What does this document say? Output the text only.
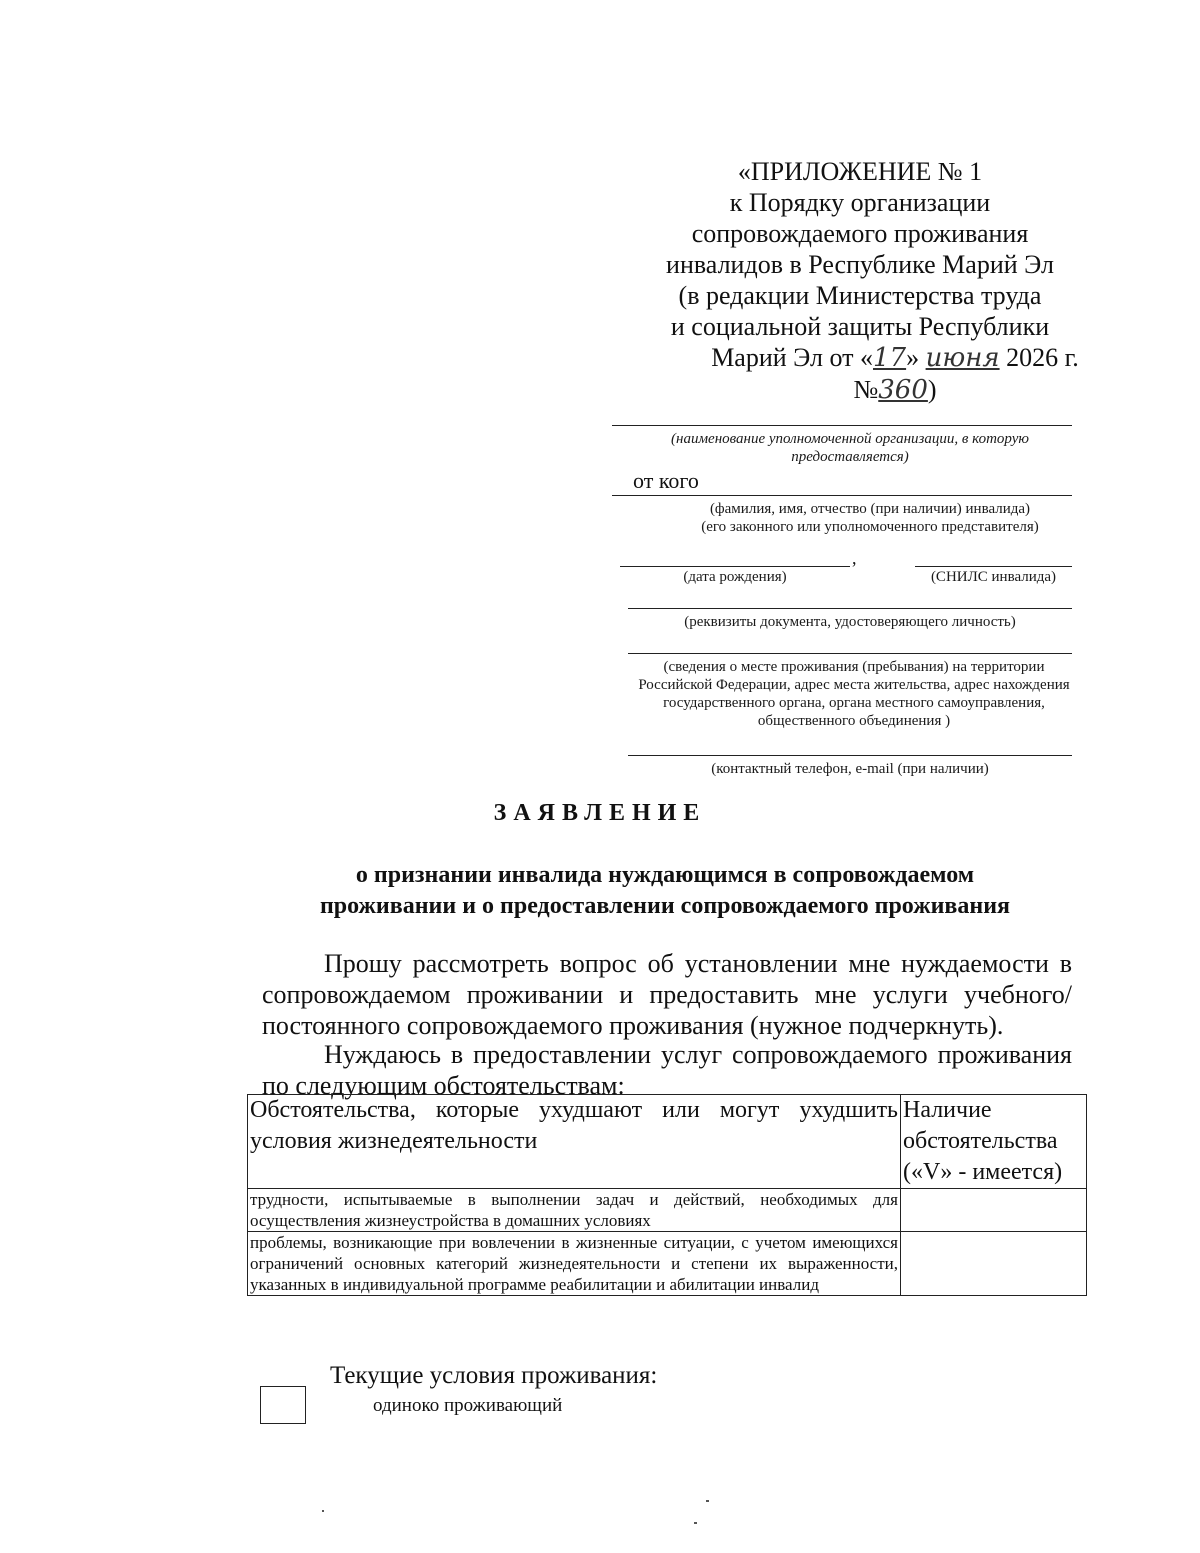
«ПРИЛОЖЕНИЕ № 1
к Порядку организации
сопровождаемого проживания
инвалидов в Республике Марий Эл
(в редакции Министерства труда
и социальной защиты Республики
Марий Эл от «17» июня 2026 г. №360)
(наименование уполномоченной организации, в которую предоставляется)
от кого
(фамилия, имя, отчество (при наличии) инвалида)
(его законного или уполномоченного представителя)
,
(дата рождения)	(СНИЛС инвалида)
(реквизиты документа, удостоверяющего личность)
(сведения о месте проживания (пребывания) на территории Российской Федерации, адрес места жительства, адрес нахождения государственного органа, органа местного самоуправления, общественного объединения )
(контактный телефон, e-mail (при наличии)
ЗАЯВЛЕНИЕ
о признании инвалида нуждающимся в сопровождаемом
проживании и о предоставлении сопровождаемого проживания
Прошу рассмотреть вопрос об установлении мне нуждаемости в сопровождаемом проживании и предоставить мне услуги учебного/ постоянного сопровождаемого проживания (нужное подчеркнуть).
Нуждаюсь в предоставлении услуг сопровождаемого проживания по следующим обстоятельствам:
Обстоятельства, которые ухудшают или могут ухудшить условия жизнедеятельности	Наличие обстоятельства («V» - имеется)
трудности, испытываемые в выполнении задач и действий, необходимых для осуществления жизнеустройства в домашних условиях	
проблемы, возникающие при вовлечении в жизненные ситуации, с учетом имеющихся ограничений основных категорий жизнедеятельности и степени их выраженности, указанных в индивидуальной программе реабилитации и абилитации инвалид	
Текущие условия проживания:
одиноко проживающий
